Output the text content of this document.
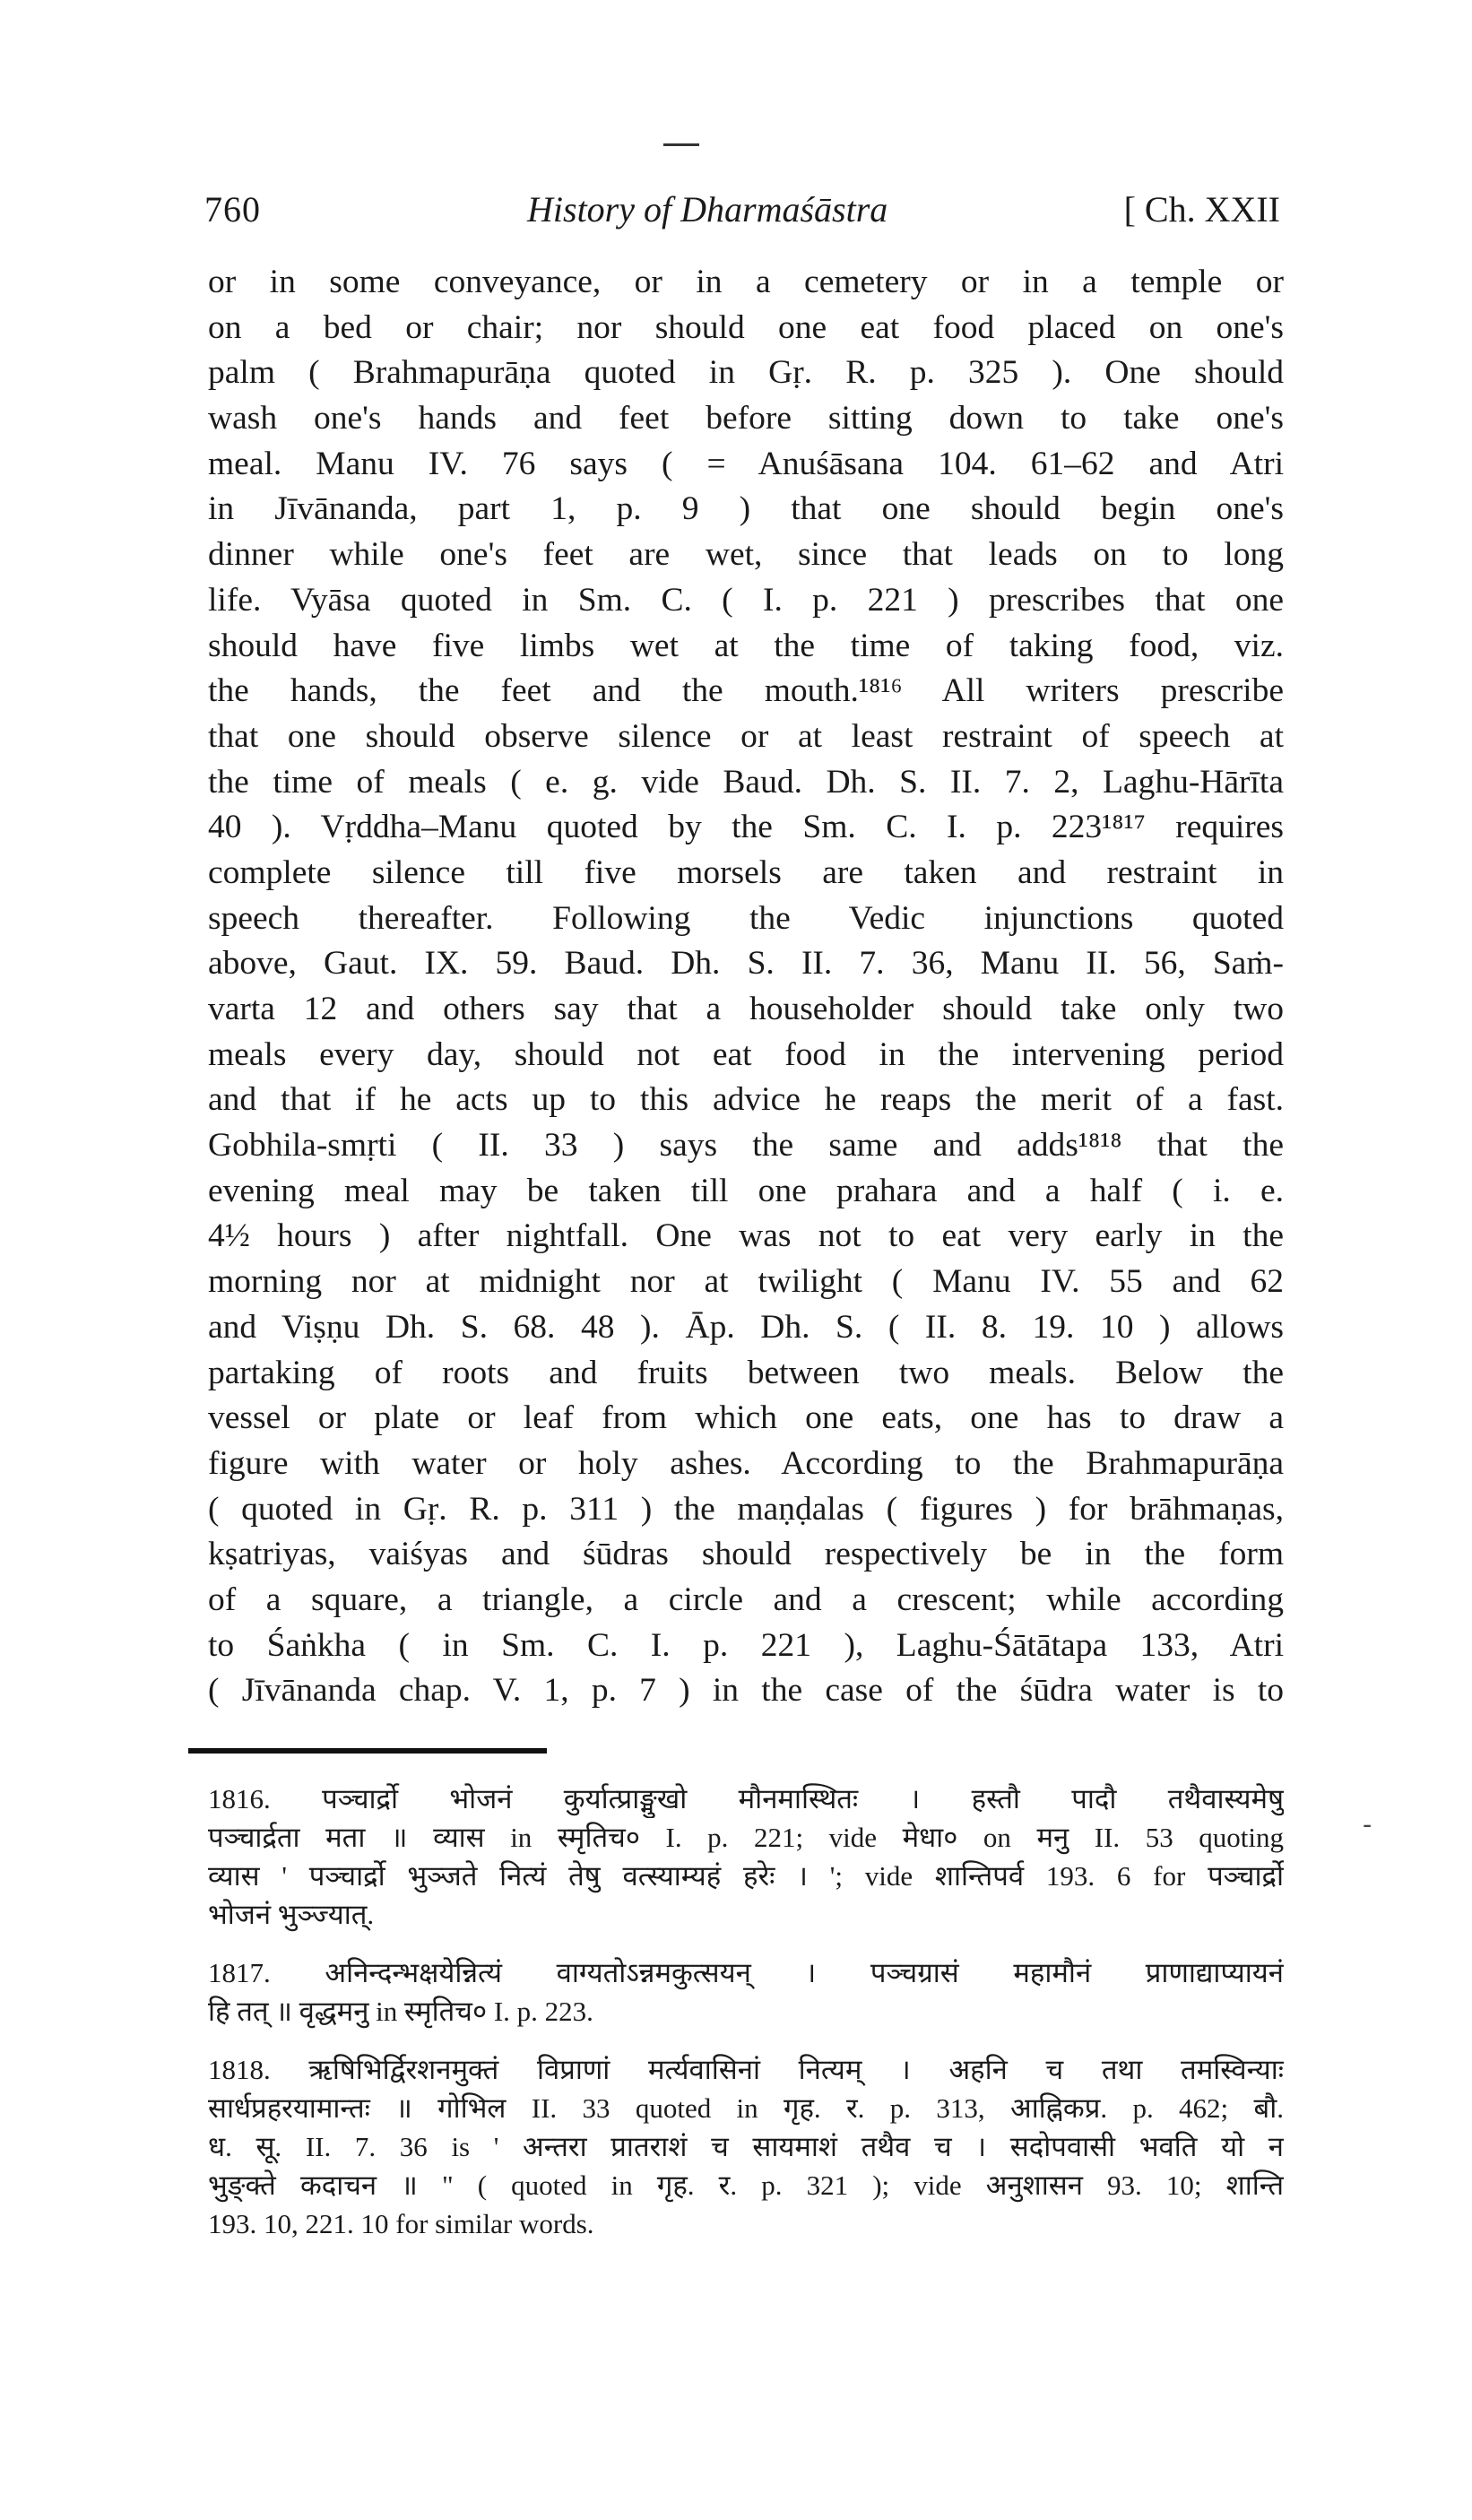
760	History of Dharmaśāstra	[ Ch. XXII
or in some conveyance, or in a cemetery or in a temple or
on a bed or chair; nor should one eat food placed on one's
palm ( Brahmapurāṇa quoted in Gṛ. R. p. 325 ). One should
wash one's hands and feet before sitting down to take one's
meal. Manu IV. 76 says ( = Anuśāsana 104. 61–62 and Atri
in Jīvānanda, part 1, p. 9 ) that one should begin one's
dinner while one's feet are wet, since that leads on to long
life. Vyāsa quoted in Sm. C. ( I. p. 221 ) prescribes that one
should have five limbs wet at the time of taking food, viz.
the hands, the feet and the mouth.¹⁸¹⁶ All writers prescribe
that one should observe silence or at least restraint of speech at
the time of meals ( e. g. vide Baud. Dh. S. II. 7. 2, Laghu-Hārīta
40 ). Vṛddha–Manu quoted by the Sm. C. I. p. 223¹⁸¹⁷ requires
complete silence till five morsels are taken and restraint in
speech thereafter. Following the Vedic injunctions quoted
above, Gaut. IX. 59. Baud. Dh. S. II. 7. 36, Manu II. 56, Saṁ-
varta 12 and others say that a householder should take only two
meals every day, should not eat food in the intervening period
and that if he acts up to this advice he reaps the merit of a fast.
Gobhila-smṛti ( II. 33 ) says the same and adds¹⁸¹⁸ that the
evening meal may be taken till one prahara and a half ( i. e.
4½ hours ) after nightfall. One was not to eat very early in the
morning nor at midnight nor at twilight ( Manu IV. 55 and 62
and Viṣṇu Dh. S. 68. 48 ). Āp. Dh. S. ( II. 8. 19. 10 ) allows
partaking of roots and fruits between two meals. Below the
vessel or plate or leaf from which one eats, one has to draw a
figure with water or holy ashes. According to the Brahmapurāṇa
( quoted in Gṛ. R. p. 311 ) the maṇḍalas ( figures ) for brāhmaṇas,
kṣatriyas, vaiśyas and śūdras should respectively be in the form
of a square, a triangle, a circle and a crescent; while according
to Śaṅkha ( in Sm. C. I. p. 221 ), Laghu-Śātātapa 133, Atri
( Jīvānanda chap. V. 1, p. 7 ) in the case of the śūdra water is to
-
1816. पञ्चार्द्रो भोजनं कुर्यात्प्राङ्मुखो मौनमास्थितः । हस्तौ पादौ तथैवास्यमेषु
पञ्चार्द्रता मता ॥ व्यास in स्मृतिच० I. p. 221; vide मेधा० on मनु II. 53 quoting
व्यास ' पञ्चार्द्रो भुञ्जते नित्यं तेषु वत्स्याम्यहं हरेः । '; vide शान्तिपर्व 193. 6 for पञ्चार्द्रो
भोजनं भुञ्ज्यात्.
1817. अनिन्दन्भक्षयेन्नित्यं वाग्यतोऽन्नमकुत्सयन् । पञ्चग्रासं महामौनं प्राणाद्याप्यायनं
हि तत् ॥ वृद्धमनु in स्मृतिच० I. p. 223.
1818. ऋषिभिर्द्विरशनमुक्तं विप्राणां मर्त्यवासिनां नित्यम् । अहनि च तथा तमस्विन्याः
सार्धप्रहरयामान्तः ॥ गोभिल II. 33 quoted in गृह. र. p. 313, आह्निकप्र. p. 462; बौ.
ध. सू. II. 7. 36 is ' अन्तरा प्रातराशं च सायमाशं तथैव च । सदोपवासी भवति यो न
भुङ्क्ते कदाचन ॥ " ( quoted in गृह. र. p. 321 ); vide अनुशासन 93. 10; शान्ति
193. 10, 221. 10 for similar words.
